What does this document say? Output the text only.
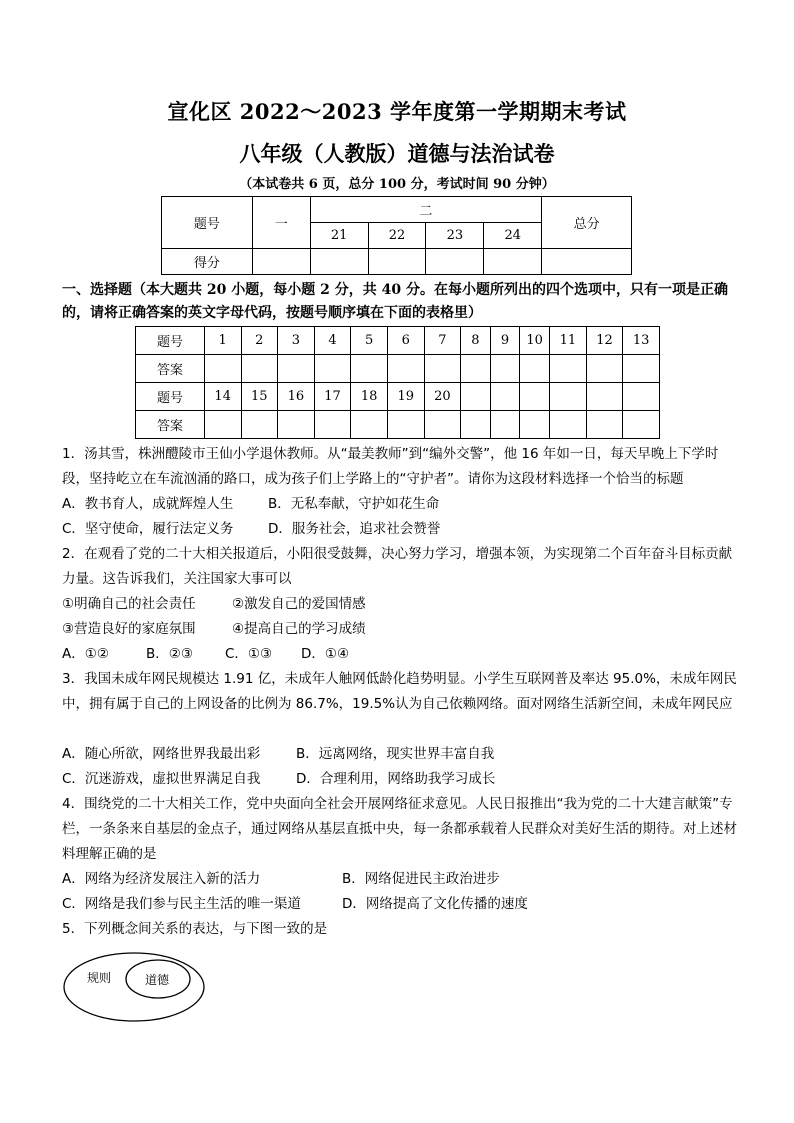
宣化区 2022～2023 学年度第一学期期末考试
八年级（人教版）道德与法治试卷
（本试卷共 6 页，总分 100 分，考试时间 90 分钟）
题号	一	二				总分
		21	22	23	24	
得分						
一、选择题（本大题共 20 小题，每小题 2 分，共 40 分。在每小题所列出的四个选项中，只有一项是正确的，请将正确答案的英文字母代码，按题号顺序填在下面的表格里）
题号	1	2	3	4	5	6	7	8	9	10	11	12	13
答案													
题号	14	15	16	17	18	19	20						
答案													
1．汤其雪，株洲醴陵市王仙小学退休教师。从“最美教师”到“编外交警”，他 16 年如一日，每天早晚上下学时段，坚持屹立在车流汹涌的路口，成为孩子们上学路上的“守护者”。请你为这段材料选择一个恰当的标题
A．教书育人，成就辉煌人生	B．无私奉献，守护如花生命
C．坚守使命，履行法定义务	D．服务社会，追求社会赞誉
2．在观看了党的二十大相关报道后，小阳很受鼓舞，决心努力学习，增强本领，为实现第二个百年奋斗目标贡献力量。这告诉我们，关注国家大事可以
①明确自己的社会责任	②激发自己的爱国情感
③营造良好的家庭氛围	④提高自己的学习成绩
A．①②	B．②③ C．①③ D．①④
3．我国未成年网民规模达 1.91 亿，未成年人触网低龄化趋势明显。小学生互联网普及率达 95.0%，未成年网民中，拥有属于自己的上网设备的比例为 86.7%，19.5%认为自己依赖网络。面对网络生活新空间，未成年网民应
A．随心所欲，网络世界我最出彩	B．远离网络，现实世界丰富自我
C．沉迷游戏，虚拟世界满足自我	D．合理利用，网络助我学习成长
4．围绕党的二十大相关工作，党中央面向全社会开展网络征求意见。人民日报推出“我为党的二十大建言献策”专栏，一条条来自基层的金点子，通过网络从基层直抵中央，每一条都承载着人民群众对美好生活的期待。对上述材料理解正确的是
A．网络为经济发展注入新的活力	B．网络促进民主政治进步
C．网络是我们参与民主生活的唯一渠道	D．网络提高了文化传播的速度
5．下列概念间关系的表达，与下图一致的是
规则	道德
